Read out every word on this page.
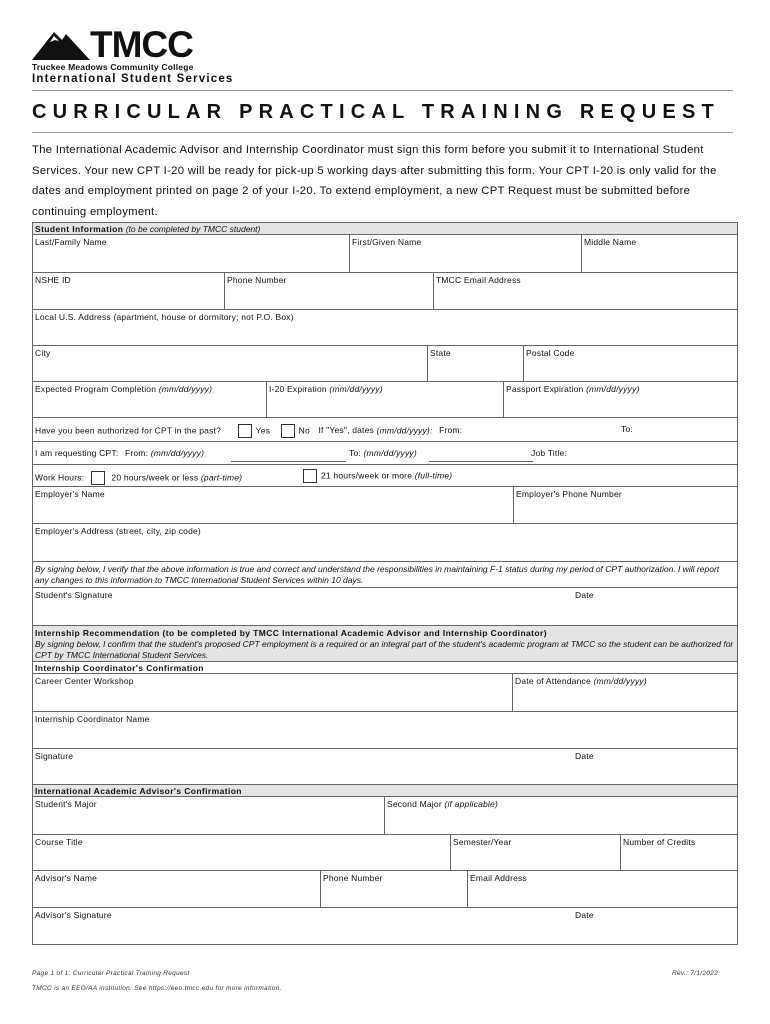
TMCC
Truckee Meadows Community College
International Student Services
CURRICULAR PRACTICAL TRAINING REQUEST
The International Academic Advisor and Internship Coordinator must sign this form before you submit it to International Student Services. Your new CPT I-20 will be ready for pick-up 5 working days after submitting this form. Your CPT I-20 is only valid for the dates and employment printed on page 2 of your I-20. To extend employment, a new CPT Request must be submitted before continuing employment.
Student Information (to be completed by TMCC student)
Last/Family Name	First/Given Name	Middle Name
NSHE ID	Phone Number	TMCC Email Address
Local U.S. Address (apartment, house or dormitory; not P.O. Box)
City	State	Postal Code
Expected Program Completion (mm/dd/yyyy)	I-20 Expiration (mm/dd/yyyy)	Passport Expiration (mm/dd/yyyy)
Have you been authorized for CPT in the past?	Yes	No If "Yes", dates (mm/dd/yyyy): From:	To:
I am requesting CPT: From: (mm/dd/yyyy)	To: (mm/dd/yyyy)	Job Title:
Work Hours:	20 hours/week or less (part-time)	21 hours/week or more (full-time)
Employer's Name	Employer's Phone Number
Employer's Address (street, city, zip code)
By signing below, I verify that the above information is true and correct and understand the responsibilities in maintaining F-1 status during my period of CPT authorization. I will report any changes to this information to TMCC International Student Services within 10 days.
Student's Signature	Date
Internship Recommendation (to be completed by TMCC International Academic Advisor and Internship Coordinator)
By signing below, I confirm that the student's proposed CPT employment is a required or an integral part of the student's academic program at TMCC so the student can be authorized for CPT by TMCC International Student Services.
Internship Coordinator's Confirmation
Career Center Workshop	Date of Attendance (mm/dd/yyyy)
Internship Coordinator Name
Signature	Date
International Academic Advisor's Confirmation
Student's Major	Second Major (if applicable)
Course Title	Semester/Year	Number of Credits
Advisor's Name	Phone Number	Email Address
Advisor's Signature	Date
Page 1 of 1: Curricular Practical Training Request	Rev.: 7/1/2022
TMCC is an EEO/AA institution. See https://eeo.tmcc.edu for more information.
